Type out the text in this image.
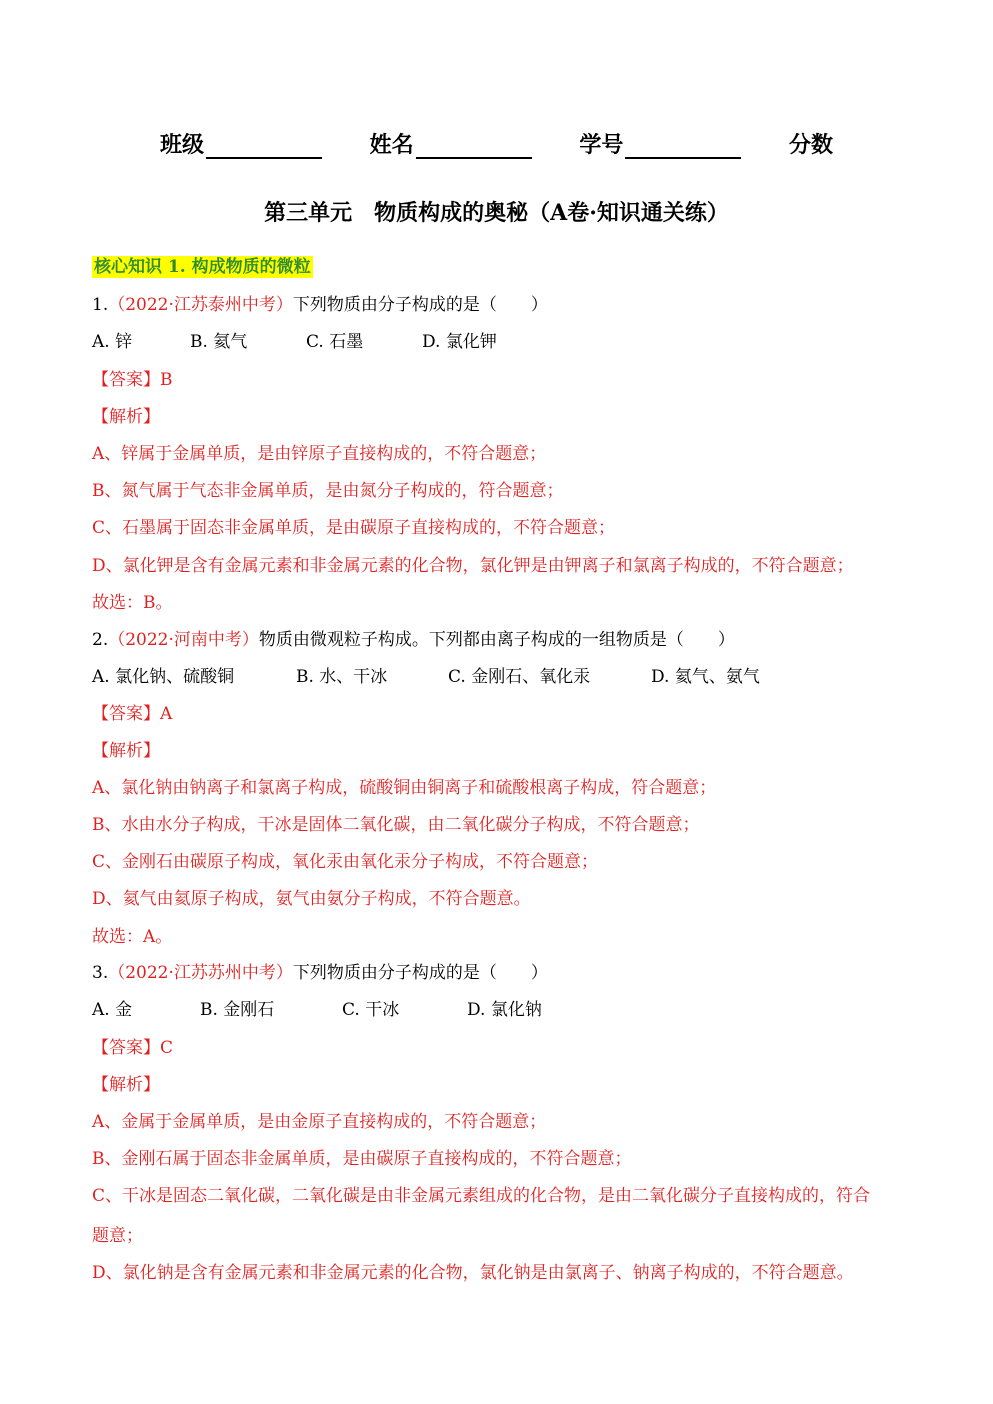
班级	姓名	学号	分数
第三单元　物质构成的奥秘（A卷·知识通关练）
核心知识 1. 构成物质的微粒
1.（2022·江苏泰州中考）下列物质由分子构成的是（　　）
A. 锌	B. 氦气	C. 石墨	D. 氯化钾
【答案】B
【解析】
A、锌属于金属单质，是由锌原子直接构成的，不符合题意；
B、氮气属于气态非金属单质，是由氮分子构成的，符合题意；
C、石墨属于固态非金属单质，是由碳原子直接构成的，不符合题意；
D、氯化钾是含有金属元素和非金属元素的化合物，氯化钾是由钾离子和氯离子构成的，不符合题意；
故选：B。
2.（2022·河南中考）物质由微观粒子构成。下列都由离子构成的一组物质是（　　）
A. 氯化钠、硫酸铜	B. 水、干冰	C. 金刚石、氧化汞	D. 氦气、氨气
【答案】A
【解析】
A、氯化钠由钠离子和氯离子构成，硫酸铜由铜离子和硫酸根离子构成，符合题意；
B、水由水分子构成，干冰是固体二氧化碳，由二氧化碳分子构成，不符合题意；
C、金刚石由碳原子构成，氧化汞由氧化汞分子构成，不符合题意；
D、氦气由氦原子构成，氨气由氨分子构成，不符合题意。
故选：A。
3.（2022·江苏苏州中考）下列物质由分子构成的是（　　）
A. 金	B. 金刚石	C. 干冰	D. 氯化钠
【答案】C
【解析】
A、金属于金属单质，是由金原子直接构成的，不符合题意；
B、金刚石属于固态非金属单质，是由碳原子直接构成的，不符合题意；
C、干冰是固态二氧化碳，二氧化碳是由非金属元素组成的化合物，是由二氧化碳分子直接构成的，符合
题意；
D、氯化钠是含有金属元素和非金属元素的化合物，氯化钠是由氯离子、钠离子构成的，不符合题意。
